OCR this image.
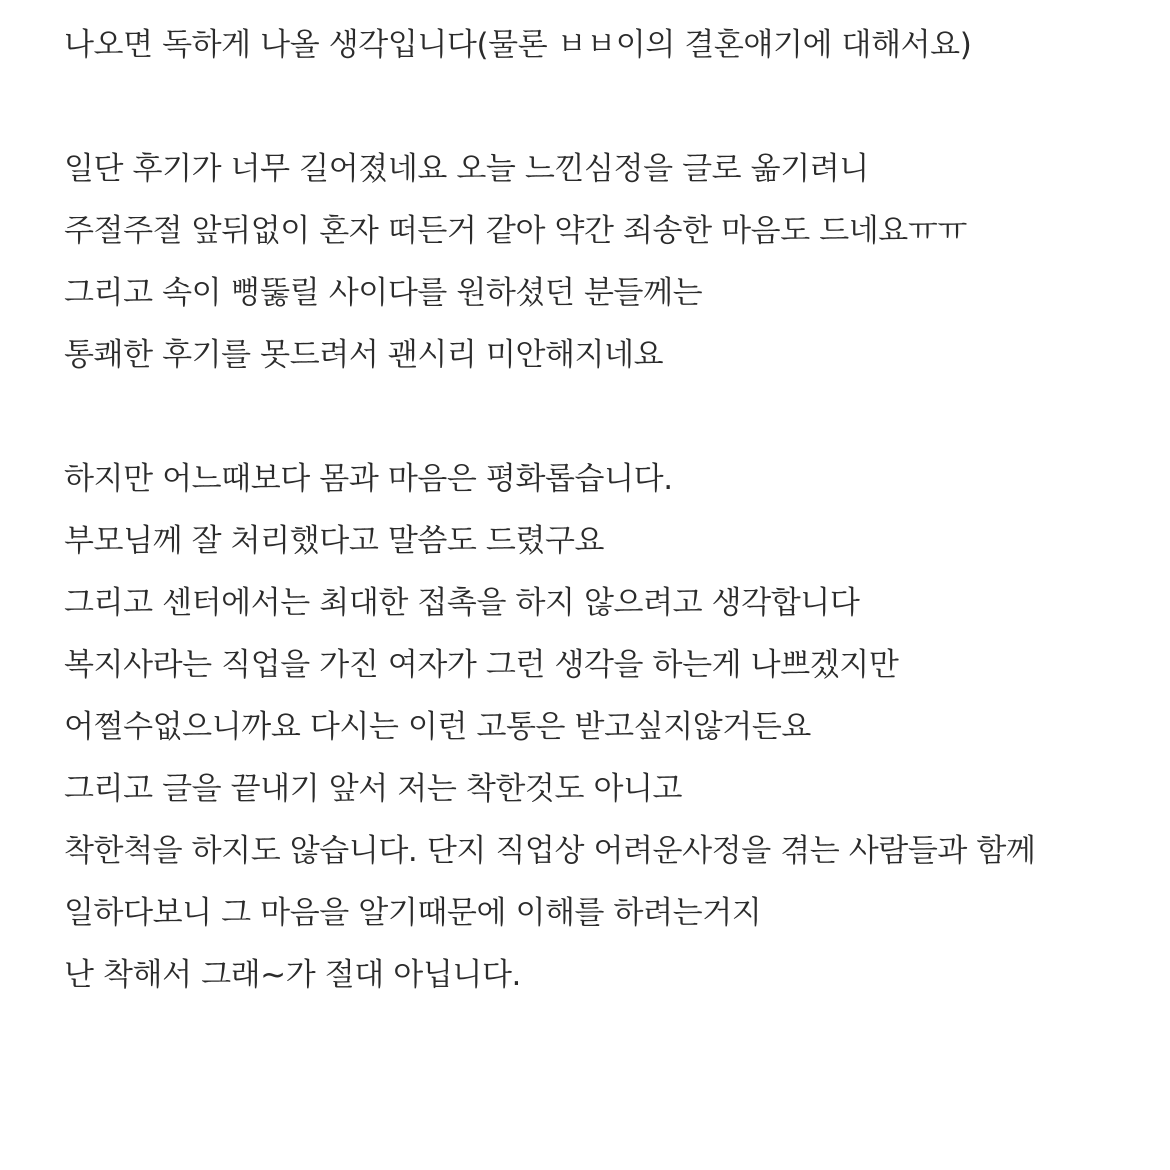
나오면 독하게 나올 생각입니다(물론 ㅂㅂ이의 결혼얘기에 대해서요)
일단 후기가 너무 길어졌네요 오늘 느낀심정을 글로 옮기려니
주절주절 앞뒤없이 혼자 떠든거 같아 약간 죄송한 마음도 드네요ㅠㅠ
그리고 속이 뻥뚫릴 사이다를 원하셨던 분들께는
통쾌한 후기를 못드려서 괜시리 미안해지네요
하지만 어느때보다 몸과 마음은 평화롭습니다.
부모님께 잘 처리했다고 말씀도 드렸구요
그리고 센터에서는 최대한 접촉을 하지 않으려고 생각합니다
복지사라는 직업을 가진 여자가 그런 생각을 하는게 나쁘겠지만
어쩔수없으니까요 다시는 이런 고통은 받고싶지않거든요
그리고 글을 끝내기 앞서 저는 착한것도 아니고
착한척을 하지도 않습니다. 단지 직업상 어려운사정을 겪는 사람들과 함께
일하다보니 그 마음을 알기때문에 이해를 하려는거지
난 착해서 그래~가 절대 아닙니다.
